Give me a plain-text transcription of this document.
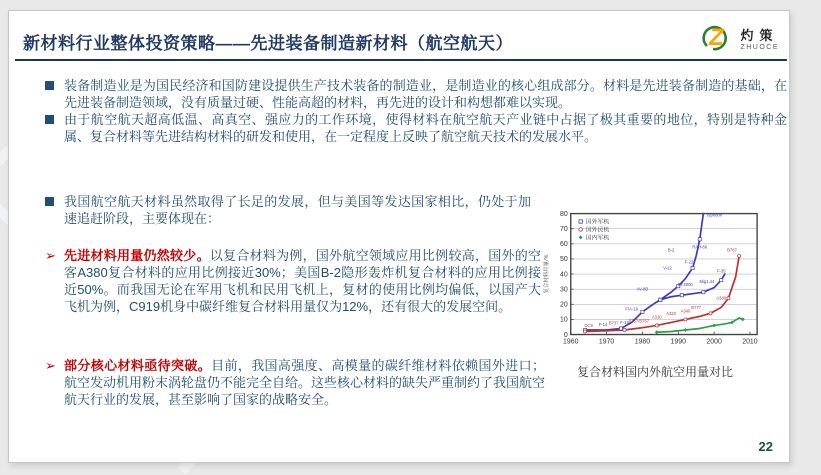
新材料行业整体投资策略——先进装备制造新材料（航空航天）	Z 灼策
ZHUOCE

装备制造业是为国民经济和国防建设提供生产技术装备的制造业，是制造业的核心组成部分。材料是先进装备制造的基础，在先进装备制造领域，没有质量过硬、性能高超的材料，再先进的设计和构想都难以实现。

由于航空航天超高低温、高真空、强应力的工作环境，使得材料在航空航天产业链中占据了极其重要的地位，特别是特种金属、复合材料等先进结构材料的研发和使用，在一定程度上反映了航空航天技术的发展水平。

我国航空航天材料虽然取得了长足的发展，但与美国等发达国家相比，仍处于加速追赶阶段，主要体现在：

➢ 先进材料用量仍然较少。以复合材料为例，国外航空领域应用比例较高，国外的空客A380复合材料的应用比例接近30%；美国B-2隐形轰炸机复合材料的应用比例接近50%。而我国无论在军用飞机和民用飞机上，复材的使用比例均偏低，以国产大飞机为例，C919机身中碳纤维复合材料用量仅为12%，还有很大的发展空间。

➢ 部分核心材料亟待突破。目前，我国高强度、高模量的碳纤维材料依赖国外进口；航空发动机用粉末涡轮盘仍不能完全自给。这些核心材料的缺失严重制约了我国航空航天行业的发展，甚至影响了国家的战略安全。

0
10
20
30
40
50
60
70
80
1960	1970	1980	1990	2000	2010
复合材料用量/%
DC9 F-14 B737 F-15 B757/B767
F/A-18
A310
A320 A340
B777
A380
B787
AV-8B
V-22
B-2
EF2000
F-22
RAH-66
Typhoon
Mig1.44
F-35
国外军机
国外民机
国内军机
复合材料国内外航空用量对比
22
